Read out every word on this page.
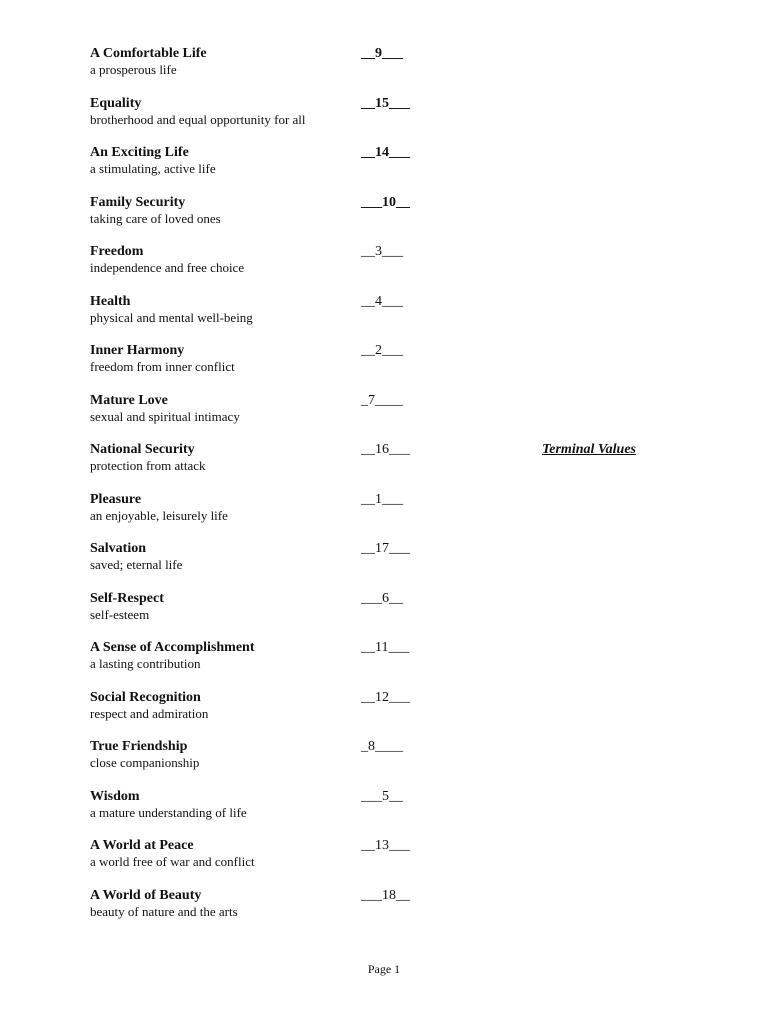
A Comfortable Life
a prosperous life
__9___
Equality
brotherhood and equal opportunity for all
__15___
An Exciting Life
a stimulating, active life
__14___
Family Security
taking care of loved ones
___10__
Freedom
independence and free choice
__3___
Health
physical and mental well-being
__4___
Inner Harmony
freedom from inner conflict
__2___
Mature Love
sexual and spiritual intimacy
_7____
National Security
protection from attack
__16___
Pleasure
an enjoyable, leisurely life
__1___
Salvation
saved; eternal life
__17___
Self-Respect
self-esteem
___6__
A Sense of Accomplishment
a lasting contribution
__11___
Social Recognition
respect and admiration
__12___
True Friendship
close companionship
_8____
Wisdom
a mature understanding of life
___5__
A World at Peace
a world free of war and conflict
__13___
A World of Beauty
beauty of nature and the arts
___18__
Terminal Values
Page 1
